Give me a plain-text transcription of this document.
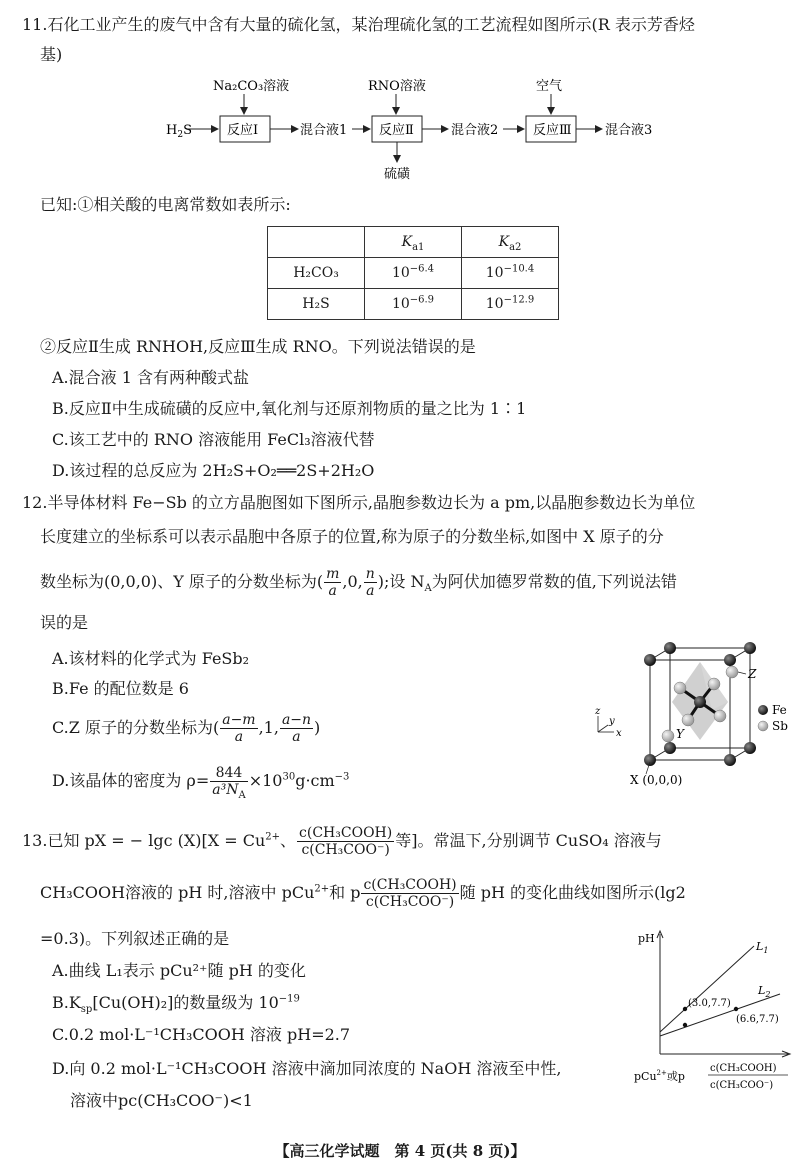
11.石化工业产生的废气中含有大量的硫化氢，某治理硫化氢的工艺流程如图所示(R 表示芳香烃
基)
Na₂CO₃溶液	RNO溶液	空气
$H_2S$	反应Ⅰ	混合液1 反应Ⅱ	混合液2	反应Ⅲ	混合液3
硫磺
已知:①相关酸的电离常数如表所示:
	$K_{a1}$	$K_{a2}$
H₂CO₃	$10^{-6.4}$	$10^{-10.4}$
H₂S	$10^{-6.9}$	$10^{-12.9}$
②反应Ⅱ生成 RNHOH,反应Ⅲ生成 RNO。下列说法错误的是
A.混合液 1 含有两种酸式盐
B.反应Ⅱ中生成硫磺的反应中,氧化剂与还原剂物质的量之比为 1∶1
C.该工艺中的 RNO 溶液能用 FeCl₃溶液代替
D.该过程的总反应为 2H₂S+O₂══2S+2H₂O
12.半导体材料 Fe−Sb 的立方晶胞图如下图所示,晶胞参数边长为 a pm,以晶胞参数边长为单位
长度建立的坐标系可以表示晶胞中各原子的位置,称为原子的分数坐标,如图中 X 原子的分
数坐标为(0,0,0)、Y 原子的分数坐标为( $\frac{m}{a} ,0$, $\frac{n}{a}$ );设 $N_A$为阿伏加德罗常数的值,下列说法错
误的是
A.该材料的化学式为 FeSb₂
B.Fe 的配位数是 6
C.Z 原子的分数坐标为( $\frac{a-m}{a} ,1$, $\frac{a-n}{a}$ )
D.该晶体的密度为 $\rho= \frac{844}{a^3N_A} \times 10^{30}g\cdot cm^{-3}$
Z
Y
X (0,0,0)
z
y
x
Fe
Sb
13.已知 pX = − lgc $(X)[X = Cu^{2+}$、 $\frac{\text{c(CH₃COOH)}}{\text{c(CH₃COO⁻)}}$ 等]。常温下,分别调节 CuSO₄ 溶液与
CH₃COOH溶液的 pH 时,溶液中 pCu$^{2+}$和 p $\frac{\text{c(CH₃COOH)}}{\text{c(CH₃COO⁻)}}$ 随 pH 的变化曲线如图所示(lg2
=0.3)。下列叙述正确的是
A.曲线 L₁表示 pCu²⁺随 pH 的变化
$B.K_{sp}[Cu(OH)_2]$的数量级为 $10^{-19}$
C.0.2 mol·L⁻¹CH₃COOH 溶液 pH=2.7
D.向 0.2 mol·L⁻¹CH₃COOH 溶液中滴加同浓度的 NaOH 溶液至中性,
溶液中pc(CH₃COO⁻)<1
pH
$L_1$
$L_2$
(3.0,7.7)
(6.6,7.7)
pCu$^{2+}$或p
c(CH₃COOH)
c(CH₃COO⁻)
【高三化学试题　第 4 页(共 8 页)】
